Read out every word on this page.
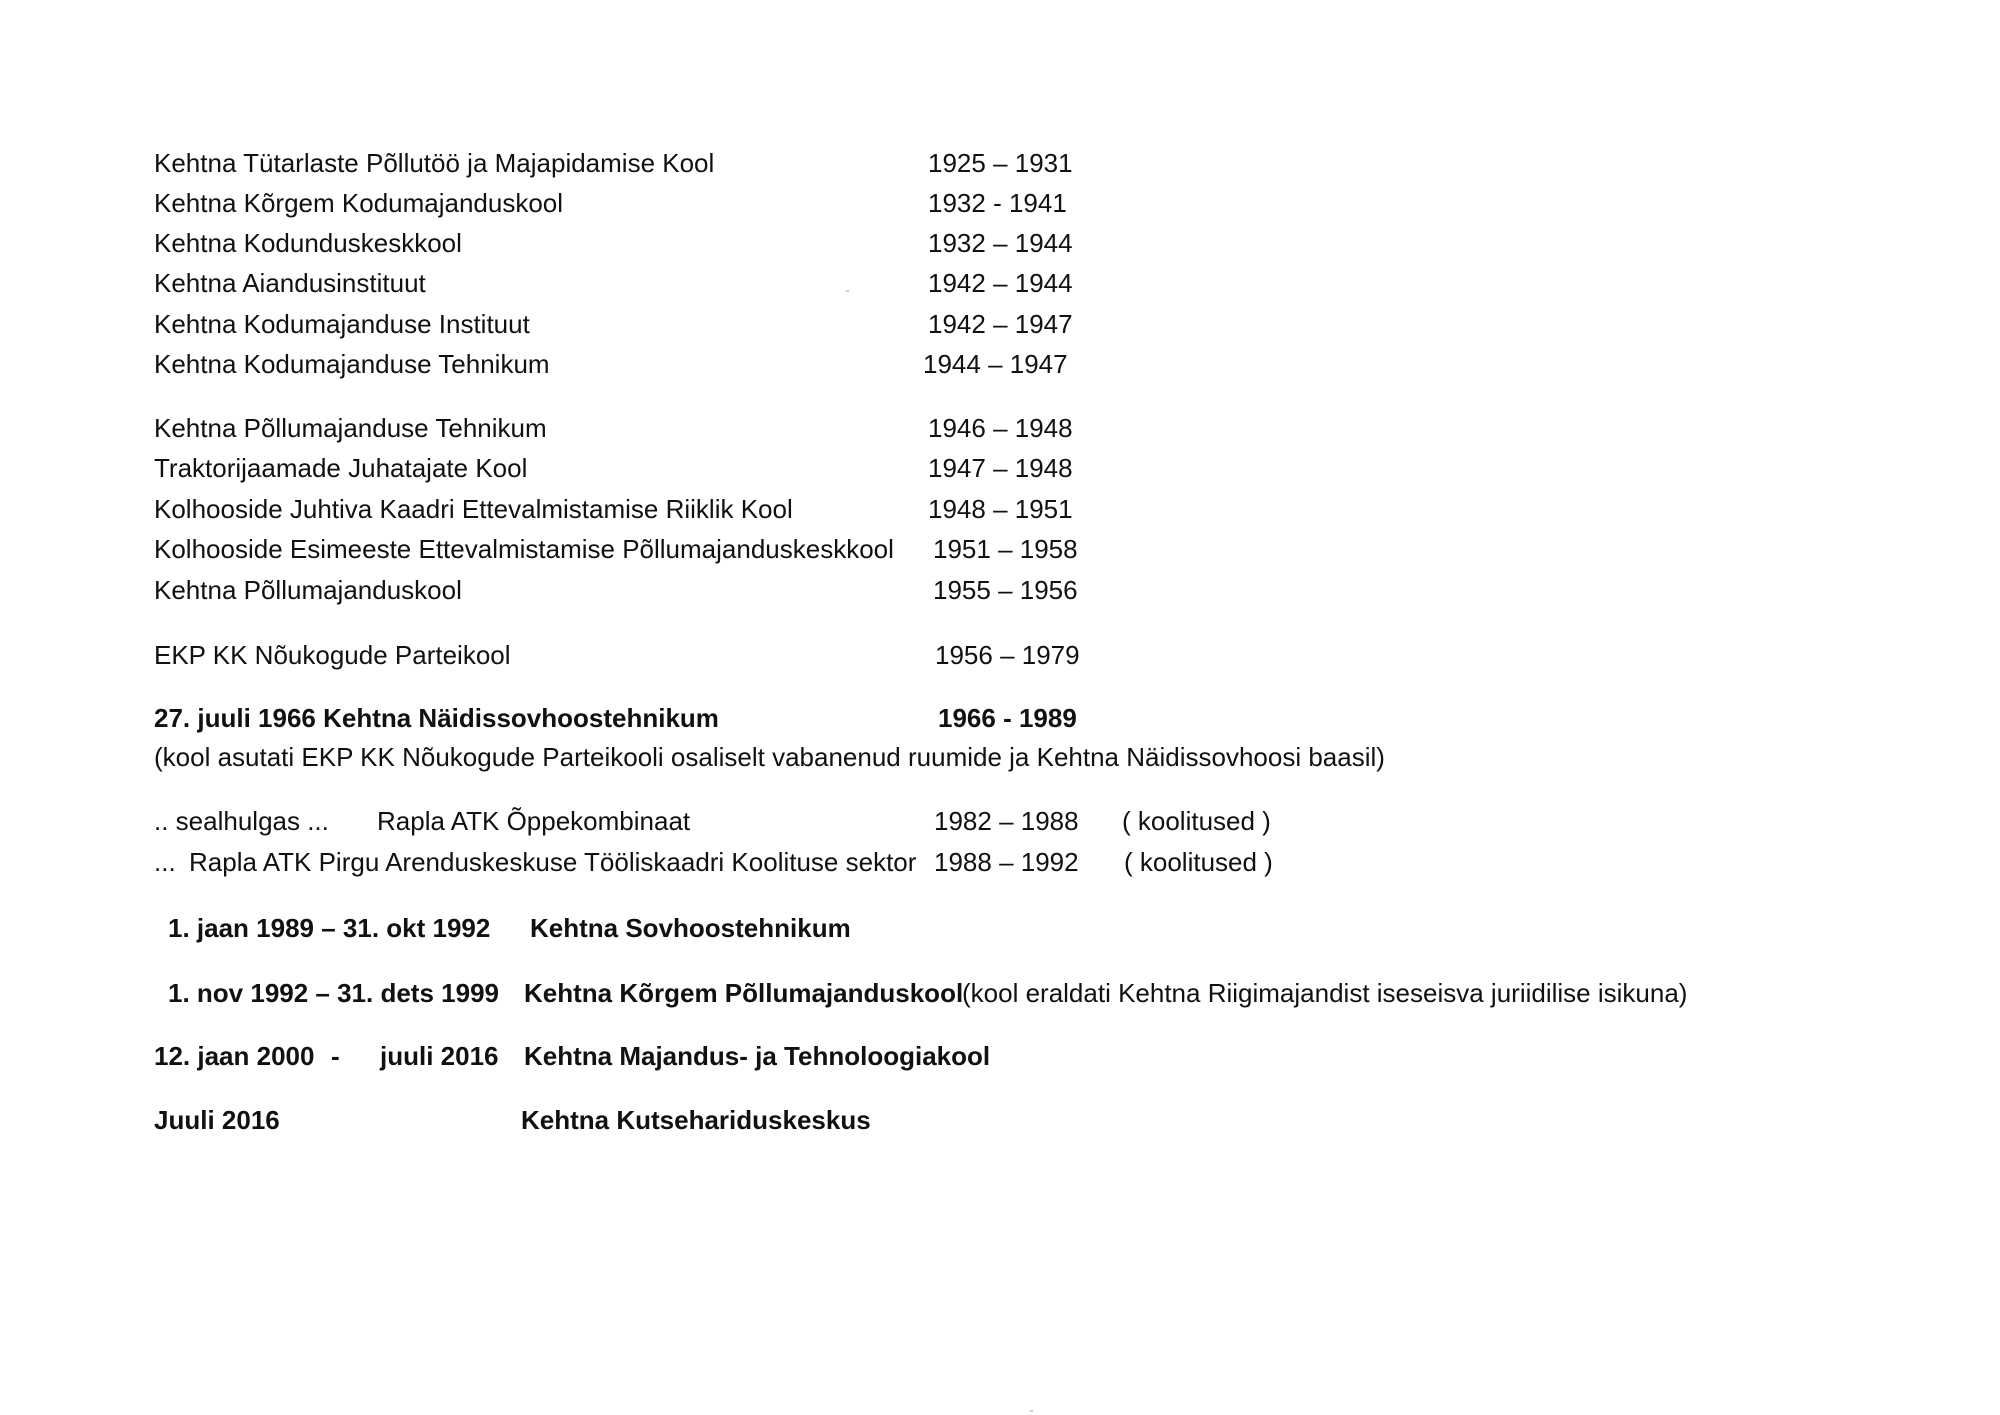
Kehtna Tütarlaste Põllutöö ja Majapidamise Kool	1925 – 1931
Kehtna Kõrgem Kodumajanduskool	1932 - 1941
Kehtna Kodunduskeskkool	1932 – 1944
Kehtna Aiandusinstituut	1942 – 1944
Kehtna Kodumajanduse Instituut	1942 – 1947
Kehtna Kodumajanduse Tehnikum	1944 – 1947
Kehtna Põllumajanduse Tehnikum	1946 – 1948
Traktorijaamade Juhatajate Kool	1947 – 1948
Kolhooside Juhtiva Kaadri Ettevalmistamise Riiklik Kool	1948 – 1951
Kolhooside Esimeeste Ettevalmistamise Põllumajanduskeskkool 1951 – 1958
Kehtna Põllumajanduskool	1955 – 1956
EKP KK Nõukogude Parteikool	1956 – 1979
27. juuli 1966 Kehtna Näidissovhoostehnikum	1966 - 1989
(kool asutati EKP KK Nõukogude Parteikooli osaliselt vabanenud ruumide ja Kehtna Näidissovhoosi baasil)
.. sealhulgas ... Rapla ATK Õppekombinaat	1982 – 1988 ( koolitused )
... Rapla ATK Pirgu Arenduskeskuse Tööliskaadri Koolituse sektor 1988 – 1992 ( koolitused )
1. jaan 1989 – 31. okt 1992 Kehtna Sovhoostehnikum
1. nov 1992 – 31. dets 1999 Kehtna Kõrgem Põllumajanduskool
(kool eraldati Kehtna Riigimajandist iseseisva juriidilise isikuna)
12. jaan 2000 - juuli 2016 Kehtna Majandus- ja Tehnoloogiakool
Juuli 2016	Kehtna Kutsehariduskeskus
